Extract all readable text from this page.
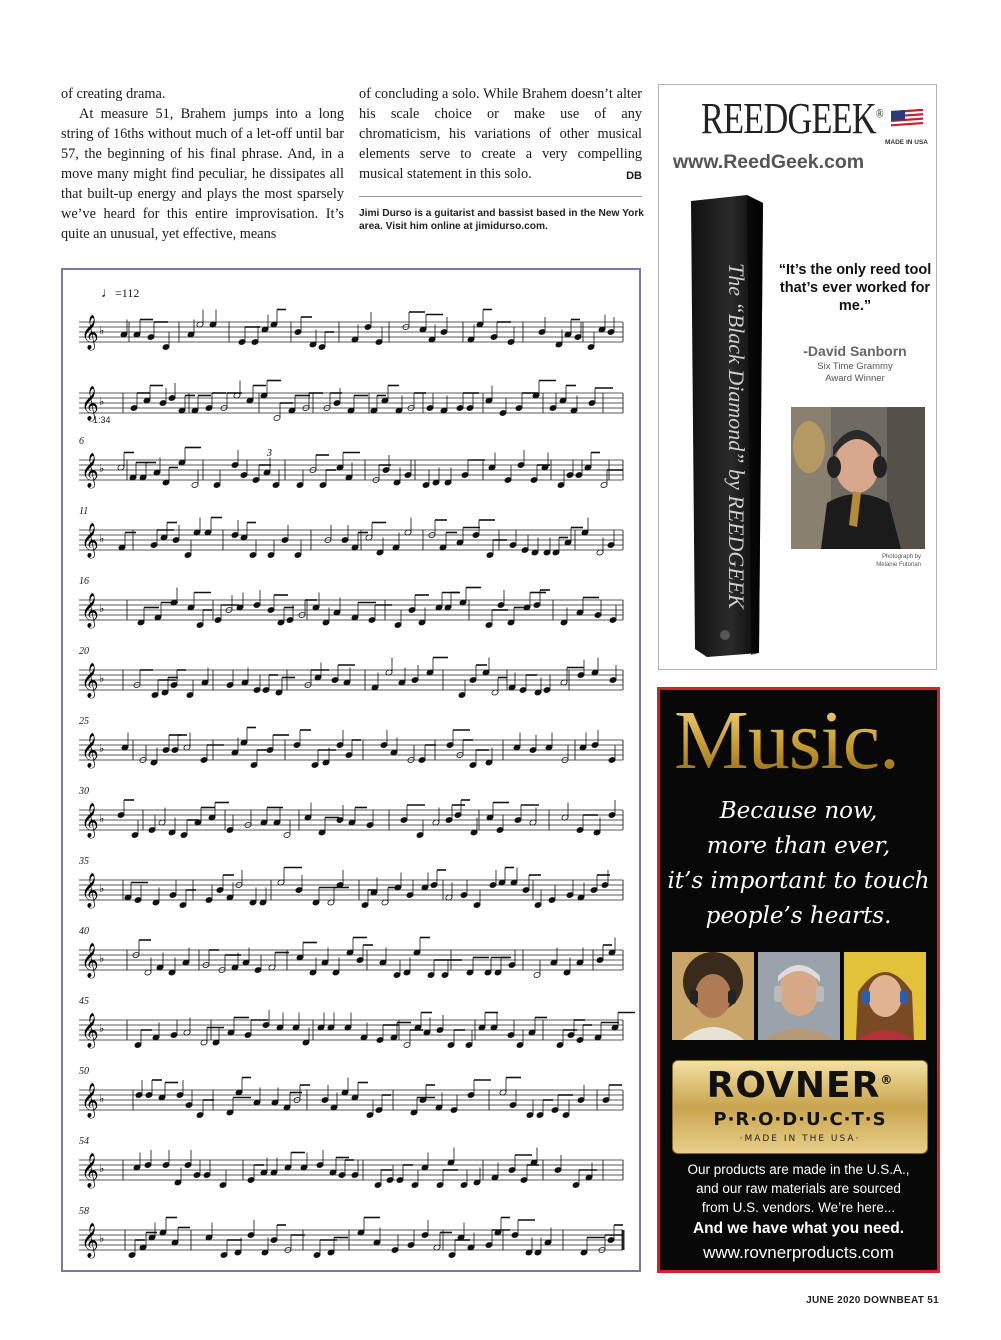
of creating drama.

At measure 51, Brahem jumps into a long string of 16ths without much of a let-off until bar 57, the beginning of his final phrase. And, in a move many might find peculiar, he dissipates all that built-up energy and plays the most sparsely we’ve heard for this entire improvisation. It’s quite an unusual, yet effective, means

of concluding a solo. While Brahem doesn’t alter his scale choice or make use of any chromaticism, his variations of other musical elements serve to create a very compelling musical statement in this solo.	DB

Jimi Durso is a guitarist and bassist based in the New York area. Visit him online at jimidurso.com.
♩=112
𝄞 ♭
𝄞 ♭
1:34
6
𝄞 ♭
3
11
𝄞 ♭
16
𝄞 ♭
20
𝄞 ♭
25
𝄞 ♭
30
𝄞 ♭
35
𝄞 ♭
40
𝄞 ♭
45
𝄞 ♭
50
𝄞 ♭
54
𝄞 ♭
58
𝄞 ♭
REEDGEEK®
MADE IN USA
www.ReedGeek.com
The “Black Diamond” by REEDGEEK “It’s the only reed tool that’s ever worked for me.”
-David Sanborn
Six Time Grammy
Award Winner
Photograph by
Melanie Futorian
Music.
Because now,
more than ever,
it’s important to touch
people’s hearts.
ROVNER®
P·R·O·D·U·C·T·S
·MADE IN THE USA·
Our products are made in the U.S.A.,
and our raw materials are sourced
from U.S. vendors. We’re here...
And we have what you need.
www.rovnerproducts.com
JUNE 2020 DOWNBEAT 51
